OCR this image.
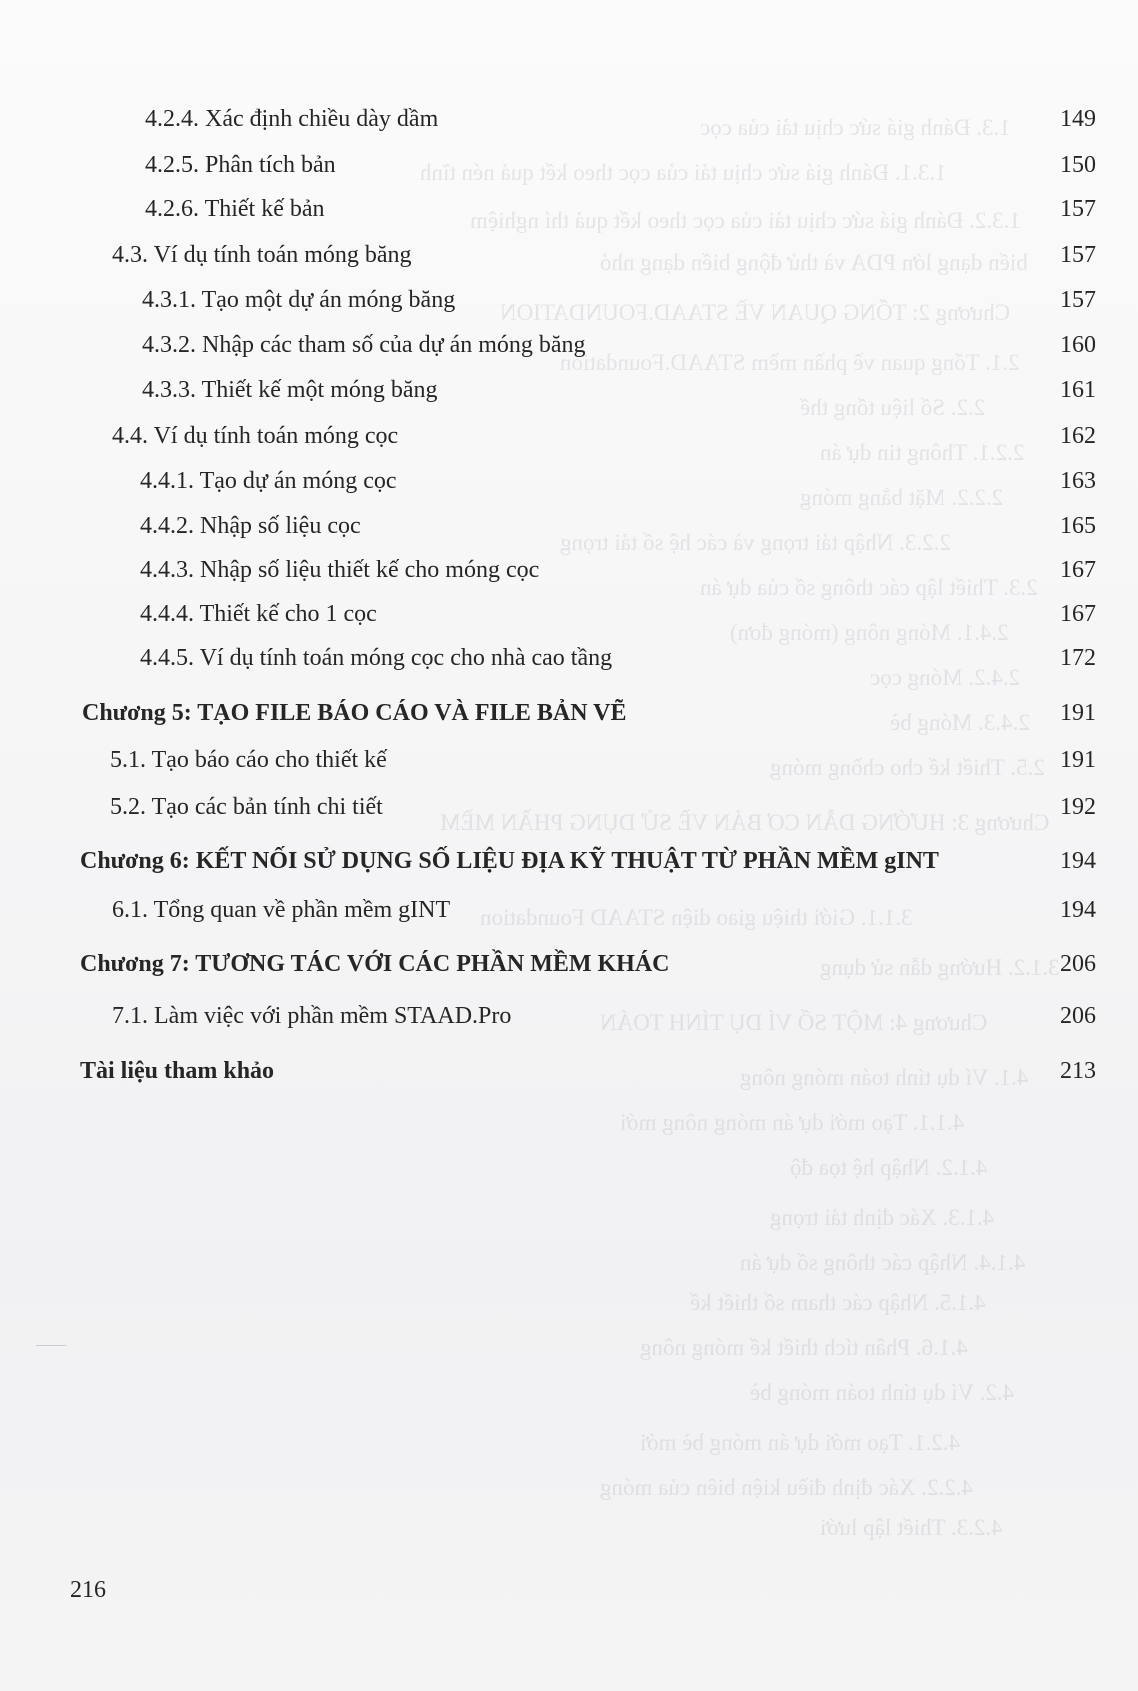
1.3. Đánh giá sức chịu tải của cọc
1.3.1. Đánh giá sức chịu tải của cọc theo kết quả nén tĩnh
1.3.2. Đánh giá sức chịu tải của cọc theo kết quả thí nghiệm
biến dạng lớn PDA và thử động biến dạng nhỏ
Chương 2: TỔNG QUAN VỀ STAAD.FOUNDATION
2.1. Tổng quan về phần mềm STAAD.Foundation
2.2. Số liệu tổng thể
2.2.1. Thông tin dự án
2.2.2. Mặt bằng móng
2.2.3. Nhập tải trọng và các hệ số tải trọng
2.3. Thiết lập các thông số của dự án
2.4.1. Móng nông (móng đơn)
2.4.2. Móng cọc
2.4.3. Móng bè
2.5. Thiết kế cho chồng móng
Chương 3: HƯỚNG DẪN CƠ BẢN VỀ SỬ DỤNG PHẦN MỀM
3.1.1. Giới thiệu giao diện STAAD Foundation
3.1.2. Hướng dẫn sử dụng
Chương 4: MỘT SỐ VÍ DỤ TÍNH TOÁN
4.1. Ví dụ tính toán móng nông
4.1.1. Tạo mới dự án móng nông mới
4.1.2. Nhập hệ tọa độ
4.1.3. Xác định tải trọng
4.1.4. Nhập các thông số dự án
4.1.5. Nhập các tham số thiết kế
4.1.6. Phân tích thiết kế móng nông
4.2. Ví dụ tính toán móng bè
4.2.1. Tạo mới dự án móng bè mới
4.2.2. Xác định điều kiện biên của móng
4.2.3. Thiết lập lưới
4.2.4. Xác định chiều dày dầm	149
4.2.5. Phân tích bản	150
4.2.6. Thiết kế bản	157
4.3. Ví dụ tính toán móng băng	157
4.3.1. Tạo một dự án móng băng	157
4.3.2. Nhập các tham số của dự án móng băng	160
4.3.3. Thiết kế một móng băng	161
4.4. Ví dụ tính toán móng cọc	162
4.4.1. Tạo dự án móng cọc	163
4.4.2. Nhập số liệu cọc	165
4.4.3. Nhập số liệu thiết kế cho móng cọc	167
4.4.4. Thiết kế cho 1 cọc	167
4.4.5. Ví dụ tính toán móng cọc cho nhà cao tầng	172
Chương 5: TẠO FILE BÁO CÁO VÀ FILE BẢN VẼ	191
5.1. Tạo báo cáo cho thiết kế	191
5.2. Tạo các bản tính chi tiết	192
Chương 6: KẾT NỐI SỬ DỤNG SỐ LIỆU ĐỊA KỸ THUẬT TỪ PHẦN MỀM gINT	194
6.1. Tổng quan về phần mềm gINT	194
Chương 7: TƯƠNG TÁC VỚI CÁC PHẦN MỀM KHÁC	206
7.1. Làm việc với phần mềm STAAD.Pro	206
Tài liệu tham khảo	213
216
